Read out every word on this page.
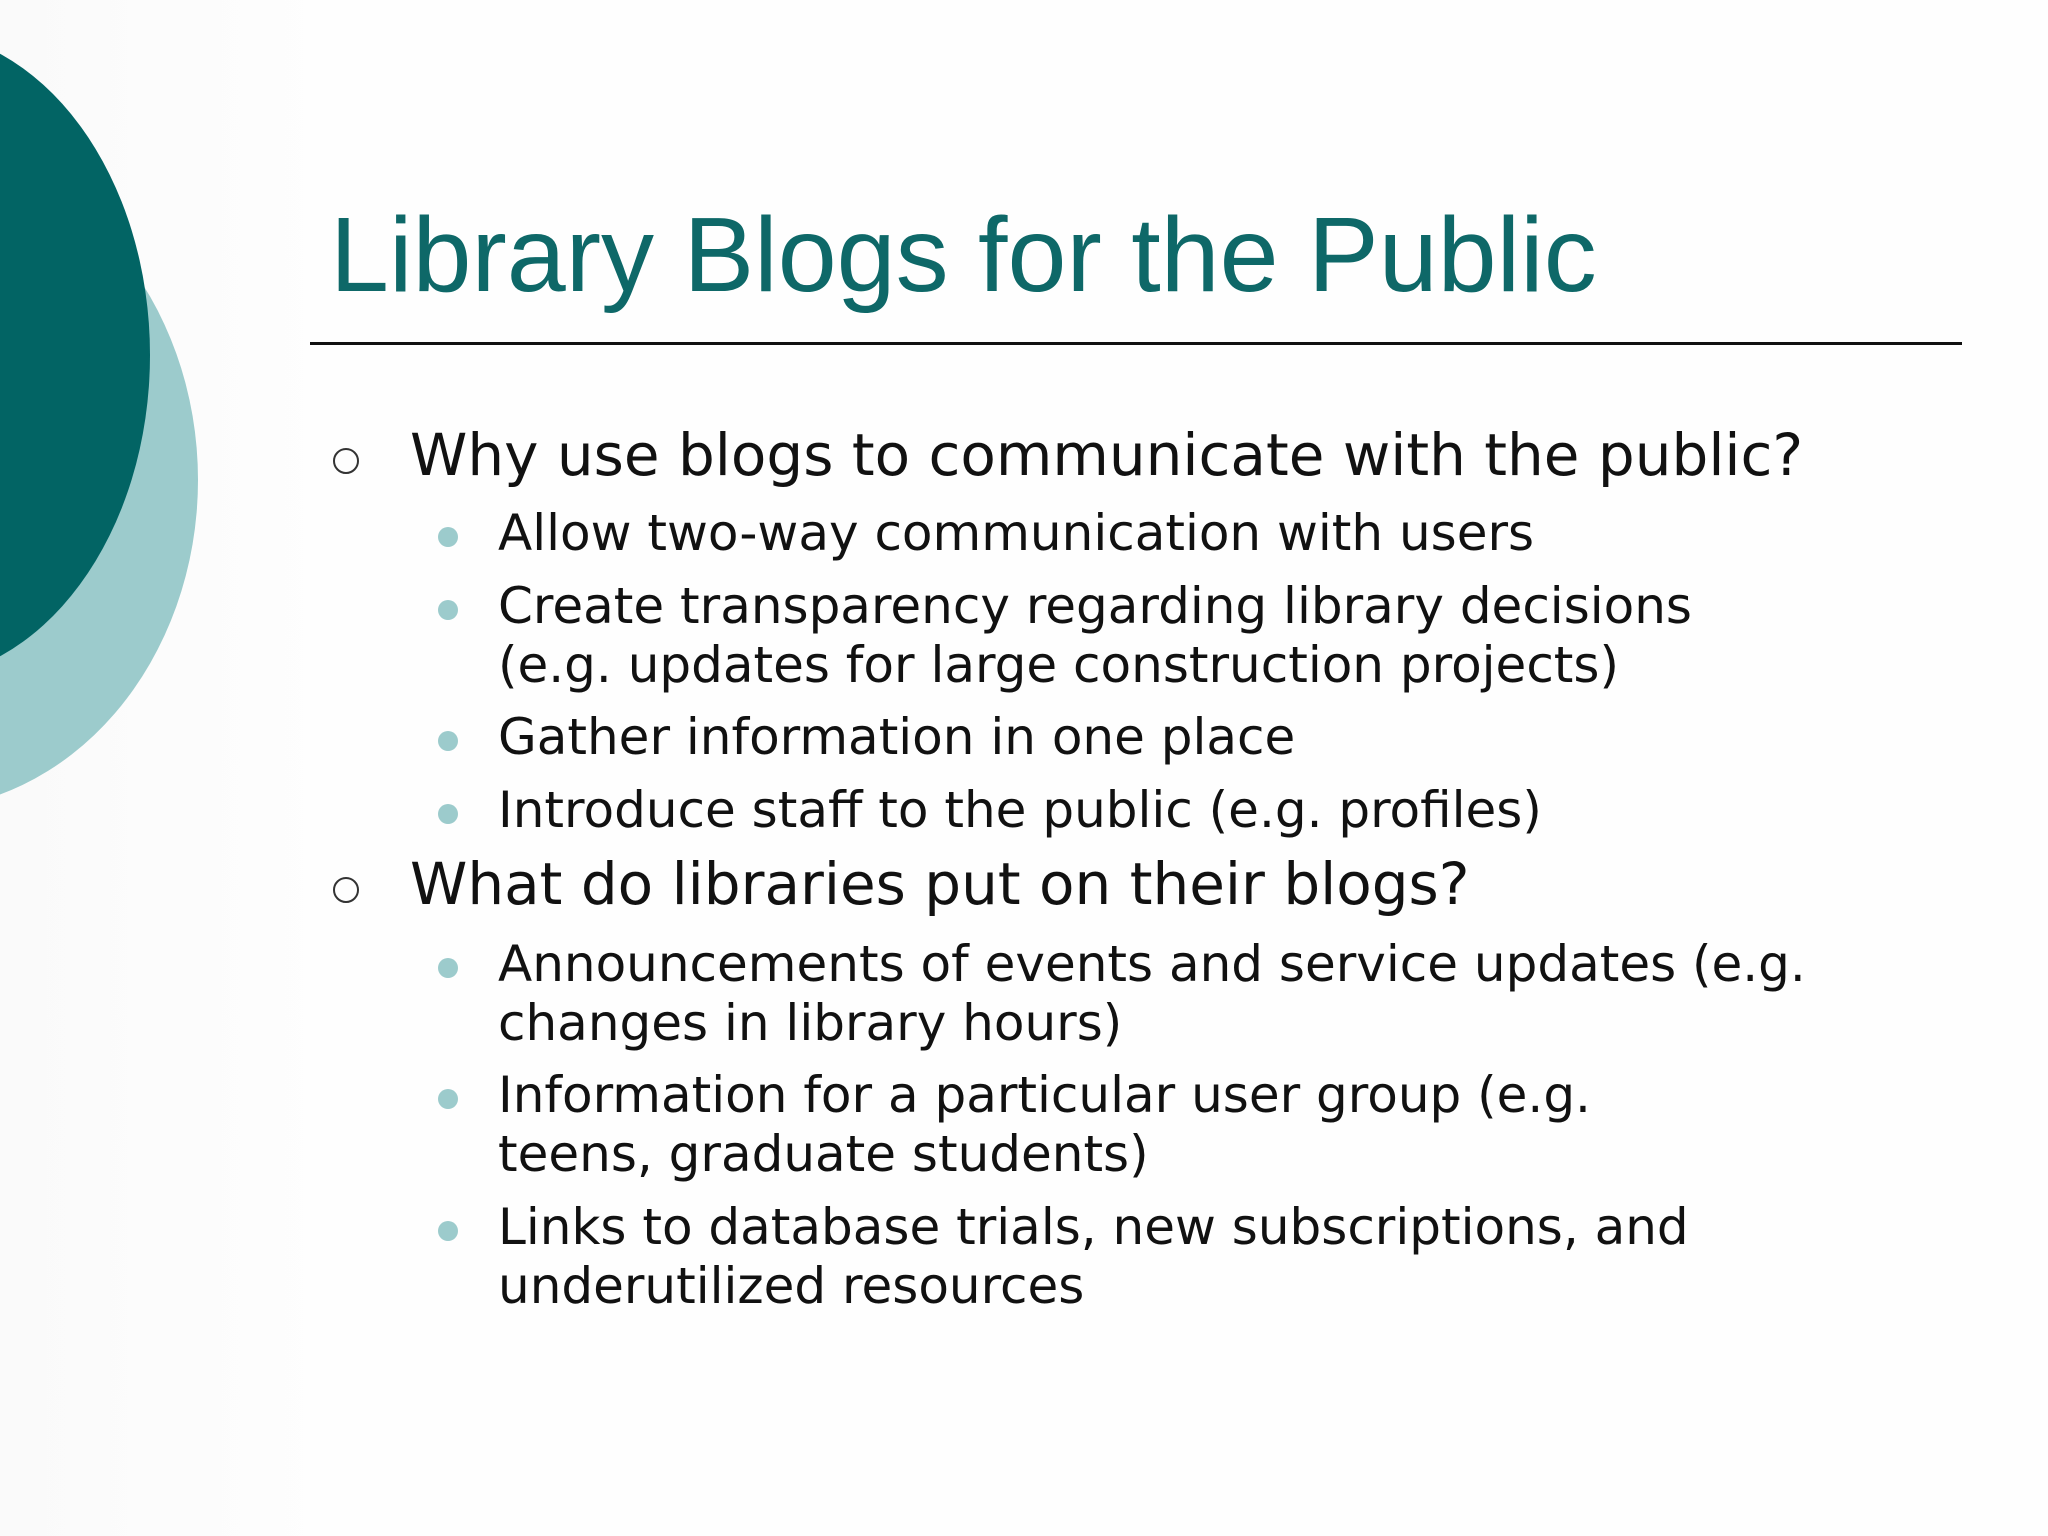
Library Blogs for the Public
Why use blogs to communicate with the public?
Allow two-way communication with users
Create transparency regarding library decisions
(e.g. updates for large construction projects)
Gather information in one place
Introduce staff to the public (e.g. profiles)
What do libraries put on their blogs?
Announcements of events and service updates (e.g.
changes in library hours)
Information for a particular user group (e.g.
teens, graduate students)
Links to database trials, new subscriptions, and
underutilized resources
